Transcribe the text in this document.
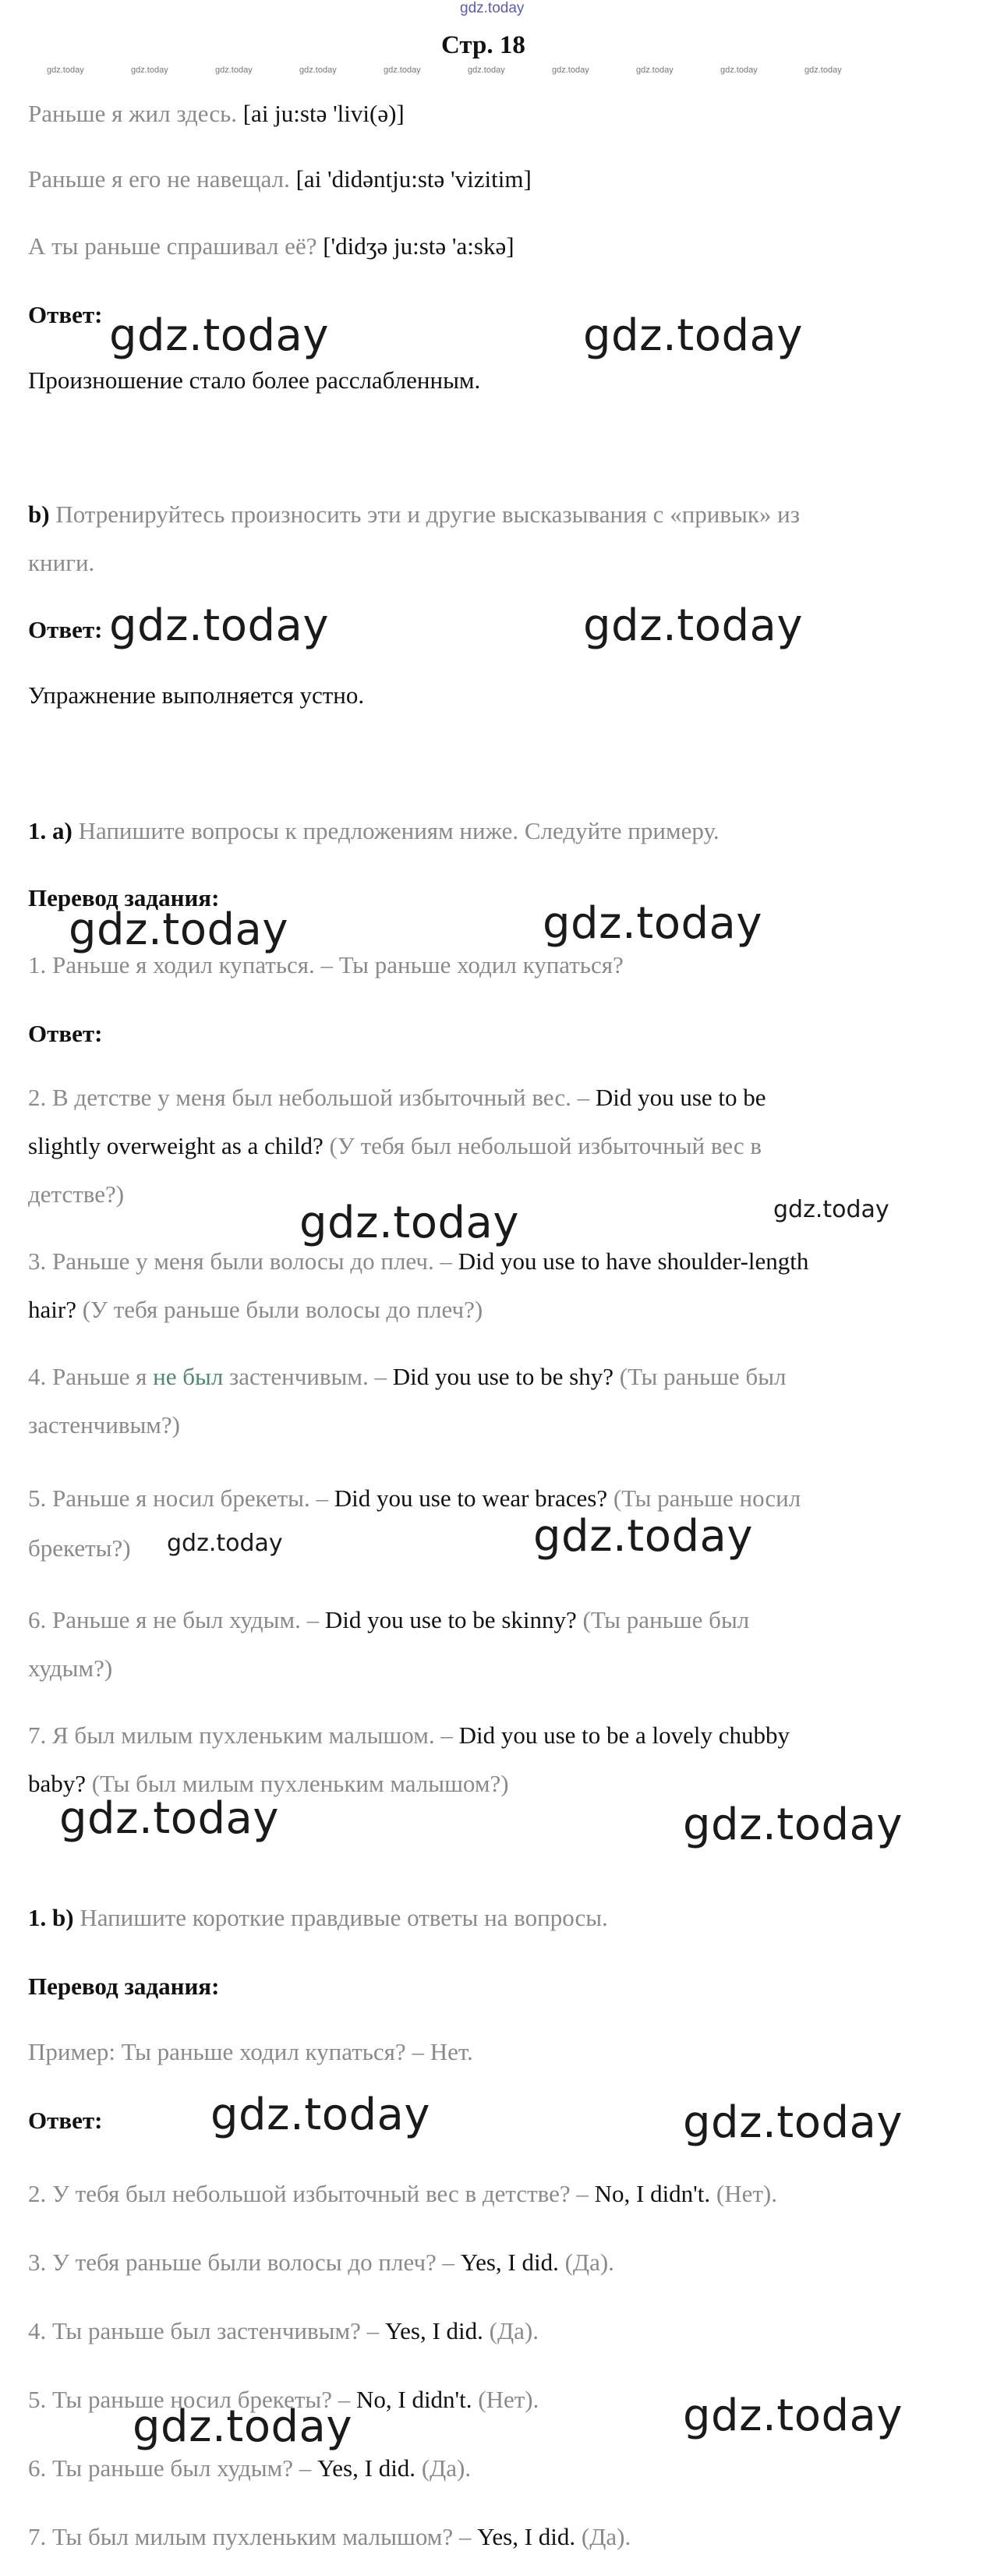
gdz.today
Стр. 18
gdz.today	gdz.today	gdz.today	gdz.today	gdz.today	gdz.today	gdz.today	gdz.today	gdz.today	gdz.today
Раньше я жил здесь. [ai ju:stə 'livi(ə)]
Раньше я его не навещал. [ai 'didəntju:stə 'vizitim]
А ты раньше спрашивал её? ['didʒə ju:stə 'a:skə]
Ответ:
Произношение стало более расслабленным.
b) Потренируйтесь произносить эти и другие высказывания с «привык» из
книги.
Ответ:
Упражнение выполняется устно.
1. a) Напишите вопросы к предложениям ниже. Следуйте примеру.
Перевод задания:
1. Раньше я ходил купаться. – Ты раньше ходил купаться?
Ответ:
2. В детстве у меня был небольшой избыточный вес. – Did you use to be
slightly overweight as a child? (У тебя был небольшой избыточный вес в
детстве?)
3. Раньше у меня были волосы до плеч. – Did you use to have shoulder-length
hair? (У тебя раньше были волосы до плеч?)
4. Раньше я не был застенчивым. – Did you use to be shy? (Ты раньше был
застенчивым?)
5. Раньше я носил брекеты. – Did you use to wear braces? (Ты раньше носил
брекеты?)
6. Раньше я не был худым. – Did you use to be skinny? (Ты раньше был
худым?)
7. Я был милым пухленьким малышом. – Did you use to be a lovely chubby
baby? (Ты был милым пухленьким малышом?)
1. b) Напишите короткие правдивые ответы на вопросы.
Перевод задания:
Пример: Ты раньше ходил купаться? – Нет.
Ответ:
2. У тебя был небольшой избыточный вес в детстве? – No, I didn't. (Нет).
3. У тебя раньше были волосы до плеч? – Yes, I did. (Да).
4. Ты раньше был застенчивым? – Yes, I did. (Да).
5. Ты раньше носил брекеты? – No, I didn't. (Нет).
6. Ты раньше был худым? – Yes, I did. (Да).
7. Ты был милым пухленьким малышом? – Yes, I did. (Да).
gdz.today	gdz.today
gdz.today	gdz.today
gdz.today	gdz.today
gdz.today	gdz.today
gdz.today
gdz.today
gdz.today	gdz.today
gdz.today	gdz.today
gdz.today	gdz.today
